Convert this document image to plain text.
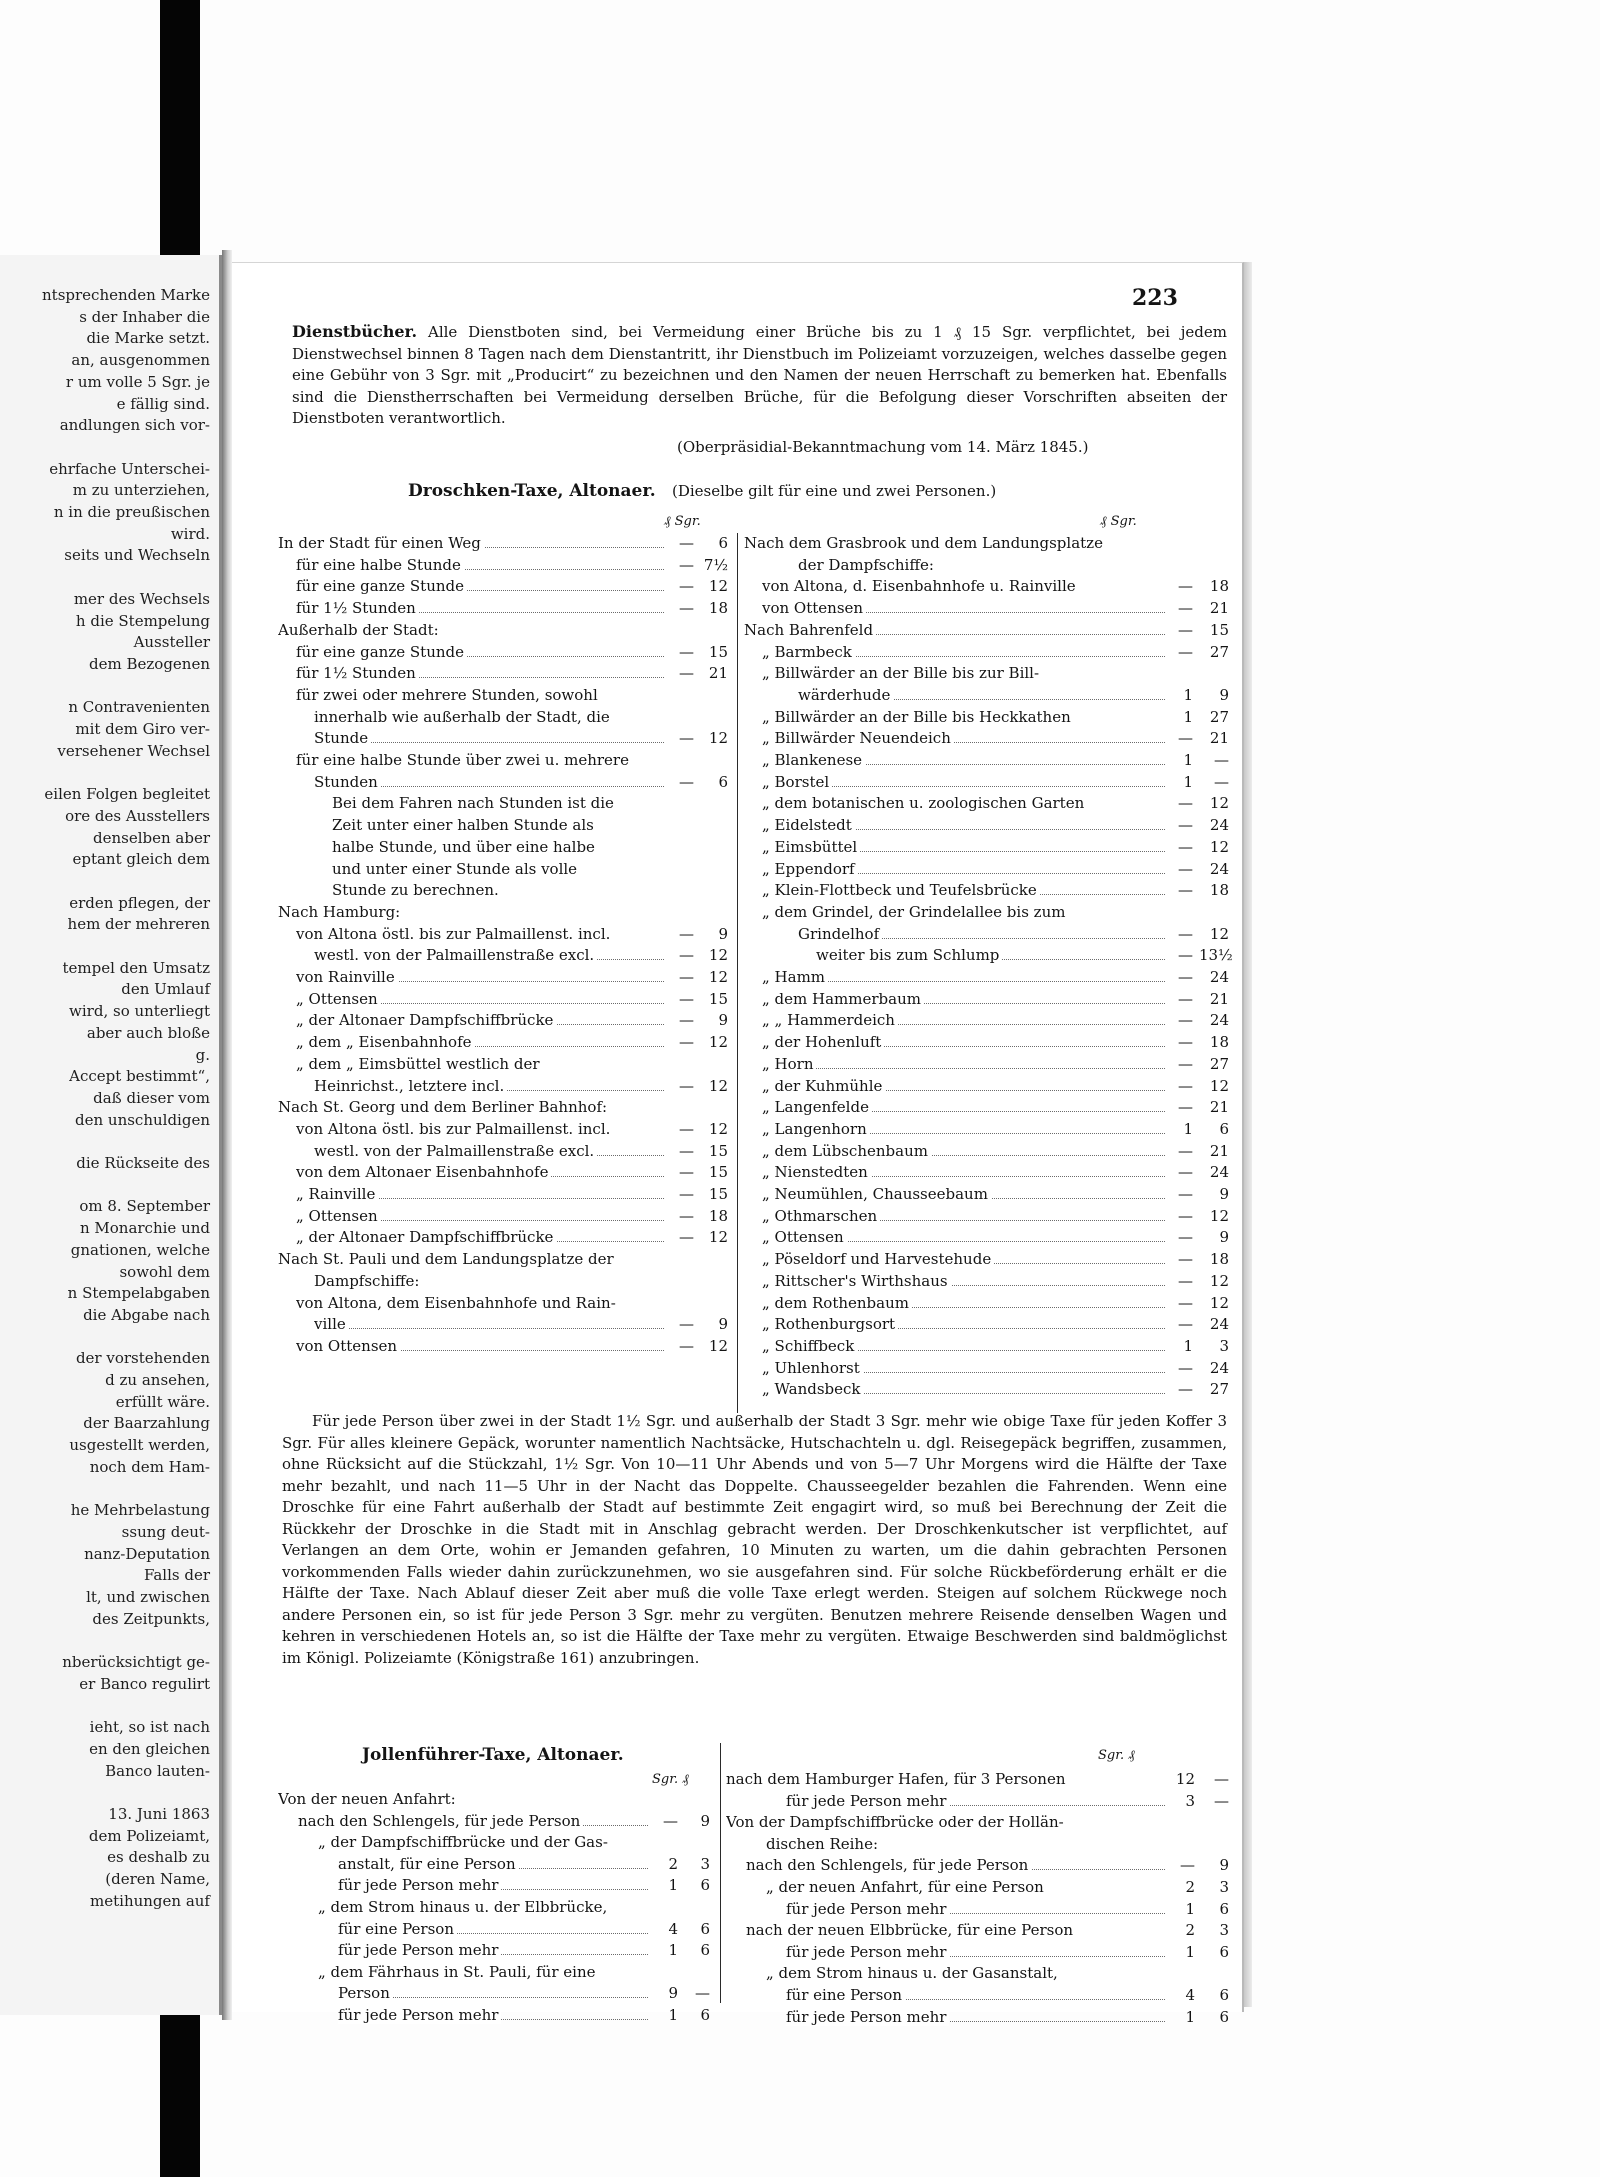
ntsprechenden Marke
s der Inhaber die
die Marke setzt.
an, ausgenommen
r um volle 5 Sgr. je
e fällig sind.
andlungen sich vor-
ehrfache Unterschei-
m zu unterziehen,
n in die preußischen
wird.
seits und Wechseln
mer des Wechsels
h die Stempelung
Aussteller
dem Bezogenen
n Contravenienten
mit dem Giro ver-
versehener Wechsel
eilen Folgen begleitet
ore des Ausstellers
denselben aber
eptant gleich dem
erden pflegen, der
hem der mehreren
tempel den Umsatz
den Umlauf
wird, so unterliegt
aber auch bloße
g.
Accept bestimmt“,
daß dieser vom
den unschuldigen
die Rückseite des
om 8. September
n Monarchie und
gnationen, welche
sowohl dem
n Stempelabgaben
die Abgabe nach
der vorstehenden
d zu ansehen,
erfüllt wäre.
der Baarzahlung
usgestellt werden,
noch dem Ham-
he Mehrbelastung
ssung deut-
nanz-Deputation
Falls der
lt, und zwischen
des Zeitpunkts,
nberücksichtigt ge-
er Banco regulirt
ieht, so ist nach
en den gleichen
Banco lauten-
13. Juni 1863
dem Polizeiamt,
es deshalb zu
(deren Name,
metihungen auf
223
Dienstbücher. Alle Dienstboten sind, bei Vermeidung einer Brüche bis zu 1 ₰ 15 Sgr. verpflichtet, bei jedem Dienstwechsel binnen 8 Tagen nach dem Dienstantritt, ihr Dienstbuch im Polizeiamt vorzuzeigen, welches dasselbe gegen eine Gebühr von 3 Sgr. mit „Producirt“ zu bezeichnen und den Namen der neuen Herrschaft zu bemerken hat. Ebenfalls sind die Dienstherrschaften bei Vermeidung derselben Brüche, für die Befolgung dieser Vorschriften abseiten der Dienstboten verantwortlich.
(Oberpräsidial-Bekanntmachung vom 14. März 1845.)
Droschken-Taxe, Altonaer. (Dieselbe gilt für eine und zwei Personen.)
₰ Sgr.	₰ Sgr.
In der Stadt für einen Weg	—	6
für eine halbe Stunde	— 7½
für eine ganze Stunde	— 12
für 1½ Stunden	— 18
Außerhalb der Stadt:
für eine ganze Stunde	— 15
für 1½ Stunden	— 21
für zwei oder mehrere Stunden, sowohl
innerhalb wie außerhalb der Stadt, die
Stunde	— 12
für eine halbe Stunde über zwei u. mehrere
Stunden	—	6
Bei dem Fahren nach Stunden ist die
Zeit unter einer halben Stunde als
halbe Stunde, und über eine halbe
und unter einer Stunde als volle
Stunde zu berechnen.
Nach Hamburg:
von Altona östl. bis zur Palmaillenst. incl.	—	9
westl. von der Palmaillenstraße excl.	— 12
von Rainville	— 12
„ Ottensen	— 15
„ der Altonaer Dampfschiffbrücke	—	9
„ dem „ Eisenbahnhofe	— 12
„ dem „ Eimsbüttel westlich der
Heinrichst., letztere incl.	— 12
Nach St. Georg und dem Berliner Bahnhof:
von Altona östl. bis zur Palmaillenst. incl.	— 12
westl. von der Palmaillenstraße excl.	— 15
von dem Altonaer Eisenbahnhofe	— 15
„ Rainville	— 15
„ Ottensen	— 18
„ der Altonaer Dampfschiffbrücke	— 12
Nach St. Pauli und dem Landungsplatze der
Dampfschiffe:
von Altona, dem Eisenbahnhofe und Rain-
ville	—	9
von Ottensen	— 12
Nach dem Grasbrook und dem Landungsplatze
der Dampfschiffe:
von Altona, d. Eisenbahnhofe u. Rainville	—	18
von Ottensen	—	21
Nach Bahrenfeld	—	15
„ Barmbeck	—	27
„ Billwärder an der Bille bis zur Bill-
wärderhude	1	9
„ Billwärder an der Bille bis Heckkathen	1	27
„ Billwärder Neuendeich	—	21
„ Blankenese	1	—
„ Borstel	1	—
„ dem botanischen u. zoologischen Garten	—	12
„ Eidelstedt	—	24
„ Eimsbüttel	—	12
„ Eppendorf	—	24
„ Klein-Flottbeck und Teufelsbrücke	—	18
„ dem Grindel, der Grindelallee bis zum
Grindelhof	—	12
weiter bis zum Schlump	— 13½
„ Hamm	—	24
„ dem Hammerbaum	—	21
„ „ Hammerdeich	—	24
„ der Hohenluft	—	18
„ Horn	—	27
„ der Kuhmühle	—	12
„ Langenfelde	—	21
„ Langenhorn	1	6
„ dem Lübschenbaum	—	21
„ Nienstedten	—	24
„ Neumühlen, Chausseebaum	—	9
„ Othmarschen	—	12
„ Ottensen	—	9
„ Pöseldorf und Harvestehude	—	18
„ Rittscher's Wirthshaus	—	12
„ dem Rothenbaum	—	12
„ Rothenburgsort	—	24
„ Schiffbeck	1	3
„ Uhlenhorst	—	24
„ Wandsbeck	—	27
Für jede Person über zwei in der Stadt 1½ Sgr. und außerhalb der Stadt 3 Sgr. mehr wie obige Taxe für jeden Koffer 3 Sgr. Für alles kleinere Gepäck, worunter namentlich Nachtsäcke, Hutschachteln u. dgl. Reisegepäck begriffen, zusammen, ohne Rücksicht auf die Stückzahl, 1½ Sgr. Von 10—11 Uhr Abends und von 5—7 Uhr Morgens wird die Hälfte der Taxe mehr bezahlt, und nach 11—5 Uhr in der Nacht das Doppelte. Chausseegelder bezahlen die Fahrenden. Wenn eine Droschke für eine Fahrt außerhalb der Stadt auf bestimmte Zeit engagirt wird, so muß bei Berechnung der Zeit die Rückkehr der Droschke in die Stadt mit in Anschlag gebracht werden. Der Droschkenkutscher ist verpflichtet, auf Verlangen an dem Orte, wohin er Jemanden gefahren, 10 Minuten zu warten, um die dahin gebrachten Personen vorkommenden Falls wieder dahin zurückzunehmen, wo sie ausgefahren sind. Für solche Rückbeförderung erhält er die Hälfte der Taxe. Nach Ablauf dieser Zeit aber muß die volle Taxe erlegt werden. Steigen auf solchem Rückwege noch andere Personen ein, so ist für jede Person 3 Sgr. mehr zu vergüten. Benutzen mehrere Reisende denselben Wagen und kehren in verschiedenen Hotels an, so ist die Hälfte der Taxe mehr zu vergüten. Etwaige Beschwerden sind baldmöglichst im Königl. Polizeiamte (Königstraße 161) anzubringen.
Jollenführer-Taxe, Altonaer.
Sgr. ₰
Sgr. ₰
Von der neuen Anfahrt:
nach den Schlengels, für jede Person	—	9
„ der Dampfschiffbrücke und der Gas-
anstalt, für eine Person	2	3
für jede Person mehr	1	6
„ dem Strom hinaus u. der Elbbrücke,
für eine Person	4	6
für jede Person mehr	1	6
„ dem Fährhaus in St. Pauli, für eine
Person	9	—
für jede Person mehr	1	6
nach dem Hamburger Hafen, für 3 Personen	12	—
für jede Person mehr	3	—
Von der Dampfschiffbrücke oder der Hollän-
dischen Reihe:
nach den Schlengels, für jede Person	—	9
„ der neuen Anfahrt, für eine Person	2	3
für jede Person mehr	1	6
nach der neuen Elbbrücke, für eine Person	2	3
für jede Person mehr	1	6
„ dem Strom hinaus u. der Gasanstalt,
für eine Person	4	6
für jede Person mehr	1	6
